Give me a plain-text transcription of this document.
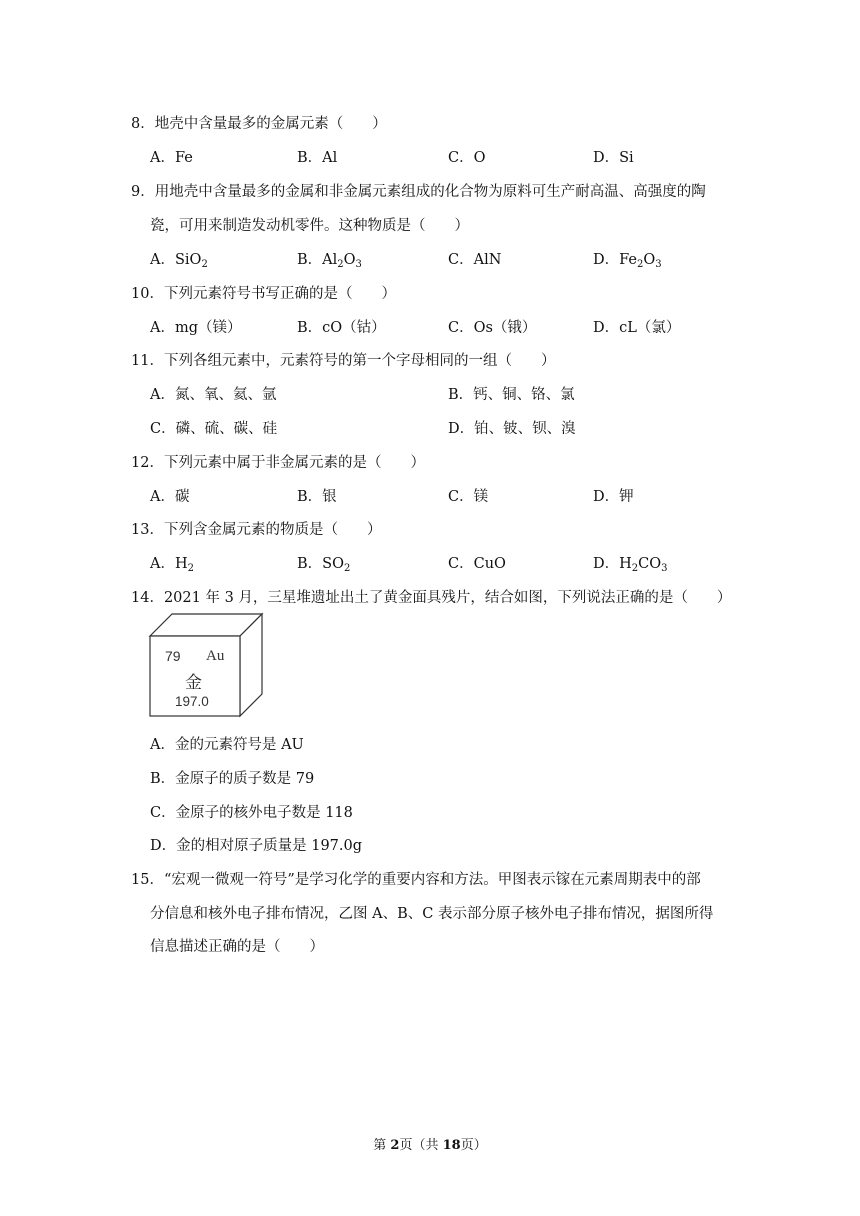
8．地壳中含量最多的金属元素（　　）
A．Fe	B．Al	C．O	D．Si
9．用地壳中含量最多的金属和非金属元素组成的化合物为原料可生产耐高温、高强度的陶
瓷，可用来制造发动机零件。这种物质是（　　）
A．SiO$_2$	B．$Al_2O_3$	C．AlN	D．$Fe_2O_3$
10．下列元素符号书写正确的是（　　）
A．mg（镁）	B．cO（钴）	C．Os（锇）	D．cL（氯）
11．下列各组元素中，元素符号的第一个字母相同的一组（　　）
A．氮、氧、氦、氩	B．钙、铜、铬、氯
C．磷、硫、碳、硅	D．铂、铍、钡、溴
12．下列元素中属于非金属元素的是（　　）
A．碳	B．银	C．镁	D．钾
13．下列含金属元素的物质是（　　）
A．$H_2$	B．$SO_2$	C．CuO	D．$H_2CO_3$
14．2021 年 3 月，三星堆遗址出土了黄金面具残片，结合如图，下列说法正确的是（　　）
79 Au
金
197.0
A．金的元素符号是 AU
B．金原子的质子数是 79
C．金原子的核外电子数是 118
D．金的相对原子质量是 197.0g
15．“宏观一微观一符号”是学习化学的重要内容和方法。甲图表示镓在元素周期表中的部
分信息和核外电子排布情况，乙图 A、B、C 表示部分原子核外电子排布情况，据图所得
信息描述正确的是（　　）
第 2页（共 18页）
